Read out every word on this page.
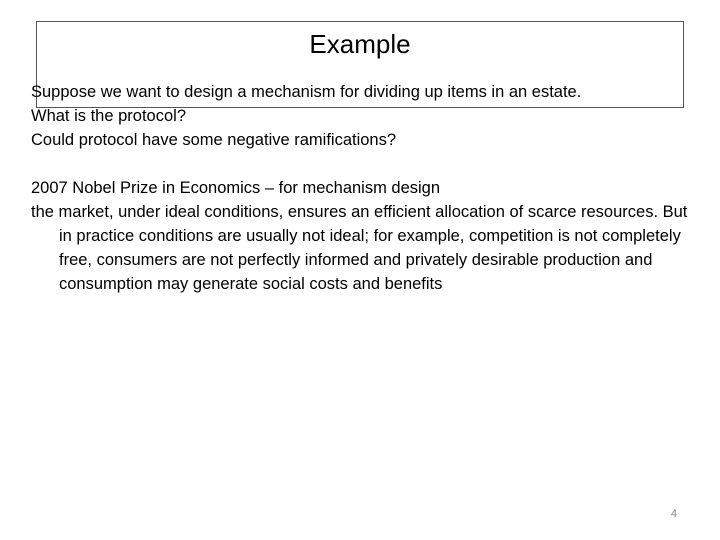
Example
Suppose we want to design a mechanism for dividing up items in an estate.
What is the protocol?
Could protocol have some negative ramifications?
2007 Nobel Prize in Economics – for mechanism design
the market, under ideal conditions, ensures an efficient allocation of scarce resources. But in practice conditions are usually not ideal; for example, competition is not completely free, consumers are not perfectly informed and privately desirable production and consumption may generate social costs and benefits
4
